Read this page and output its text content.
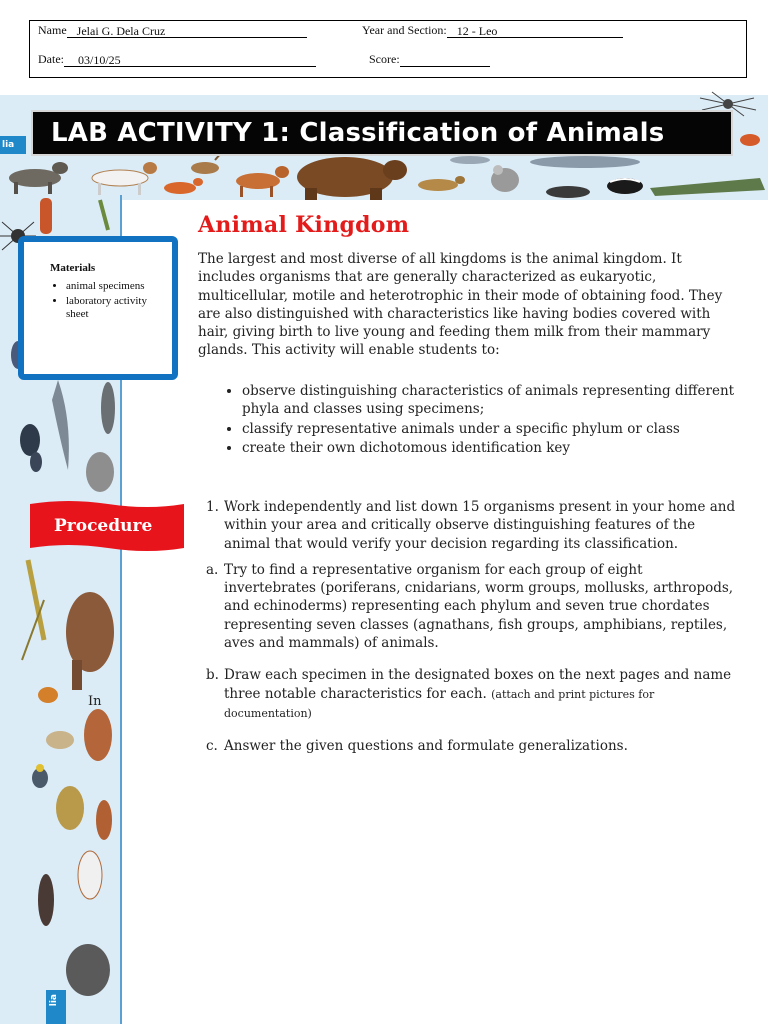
Name Jelai G. Dela Cruz	Year and Section: 12 - Leo
Date: 03/10/25	Score:
lia
lia
LAB ACTIVITY 1: Classification of Animals
Materials
• animal specimens
• laboratory activity sheet
Procedure
In
Animal Kingdom

The largest and most diverse of all kingdoms is the animal kingdom. It includes organisms that are generally characterized as eukaryotic, multicellular, motile and heterotrophic in their mode of obtaining food. They are also distinguished with characteristics like having bodies covered with hair, giving birth to live young and feeding them milk from their mammary glands. This activity will enable students to:

• observe distinguishing characteristics of animals representing different phyla and classes using specimens;
• classify representative animals under a specific phylum or class
• create their own dichotomous identification key
1. Work independently and list down 15 organisms present in your home and within your area and critically observe distinguishing features of the animal that would verify your decision regarding its classification.
a. Try to find a representative organism for each group of eight invertebrates (poriferans, cnidarians, worm groups, mollusks, arthropods, and echinoderms) representing each phylum and seven true chordates representing seven classes (agnathans, fish groups, amphibians, reptiles, aves and mammals) of animals.
b. Draw each specimen in the designated boxes on the next pages and name three notable characteristics for each. (attach and print pictures for documentation)
c. Answer the given questions and formulate generalizations.
